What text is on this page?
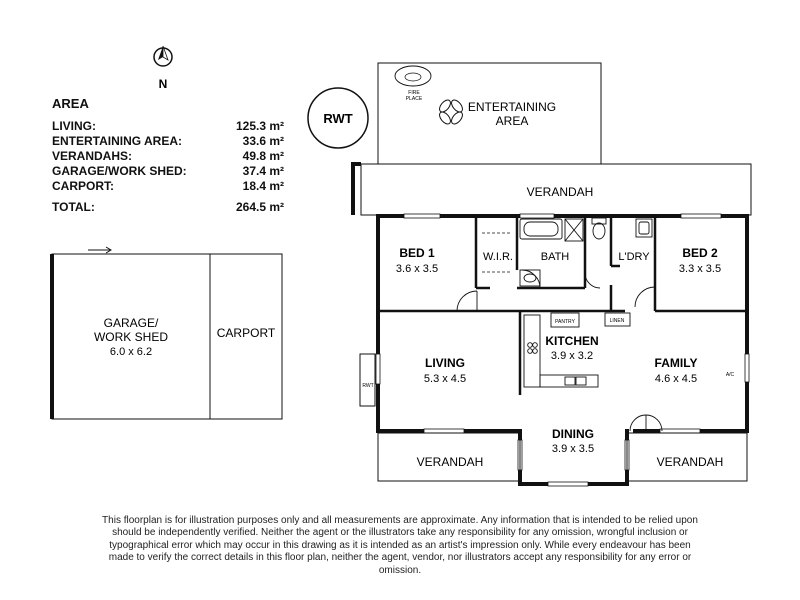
N
RWT
FIRE
PLACE
ENTERTAINING
AREA
VERANDAH
RWT
BED 1
3.6 x 3.5
W.I.R.	BATH	L'DRY	BED 2
3.3 x 3.5
PANTRY	LINEN
KITCHEN
3.9 x 3.2
LIVING
5.3 x 4.5
FAMILY
4.6 x 4.5	A/C
DINING
3.9 x 3.5
VERANDAH	VERANDAH
GARAGE/
WORK SHED
6.0 x 6.2
CARPORT
AREA
LIVING:	125.3 m²
ENTERTAINING AREA:	33.6 m²
VERANDAHS:	49.8 m²
GARAGE/WORK SHED:	37.4 m²
CARPORT:	18.4 m²
TOTAL:	264.5 m²
This floorplan is for illustration purposes only and all measurements are approximate. Any information that is intended to be relied upon should be independently verified. Neither the agent or the illustrators take any responsibility for any omission, wrongful inclusion or typographical error which may occur in this drawing as it is intended as an artist's impression only. While every endeavour has been made to verify the correct details in this floor plan, neither the agent, vendor, nor illustrators accept any responsibility for any error or omission.
